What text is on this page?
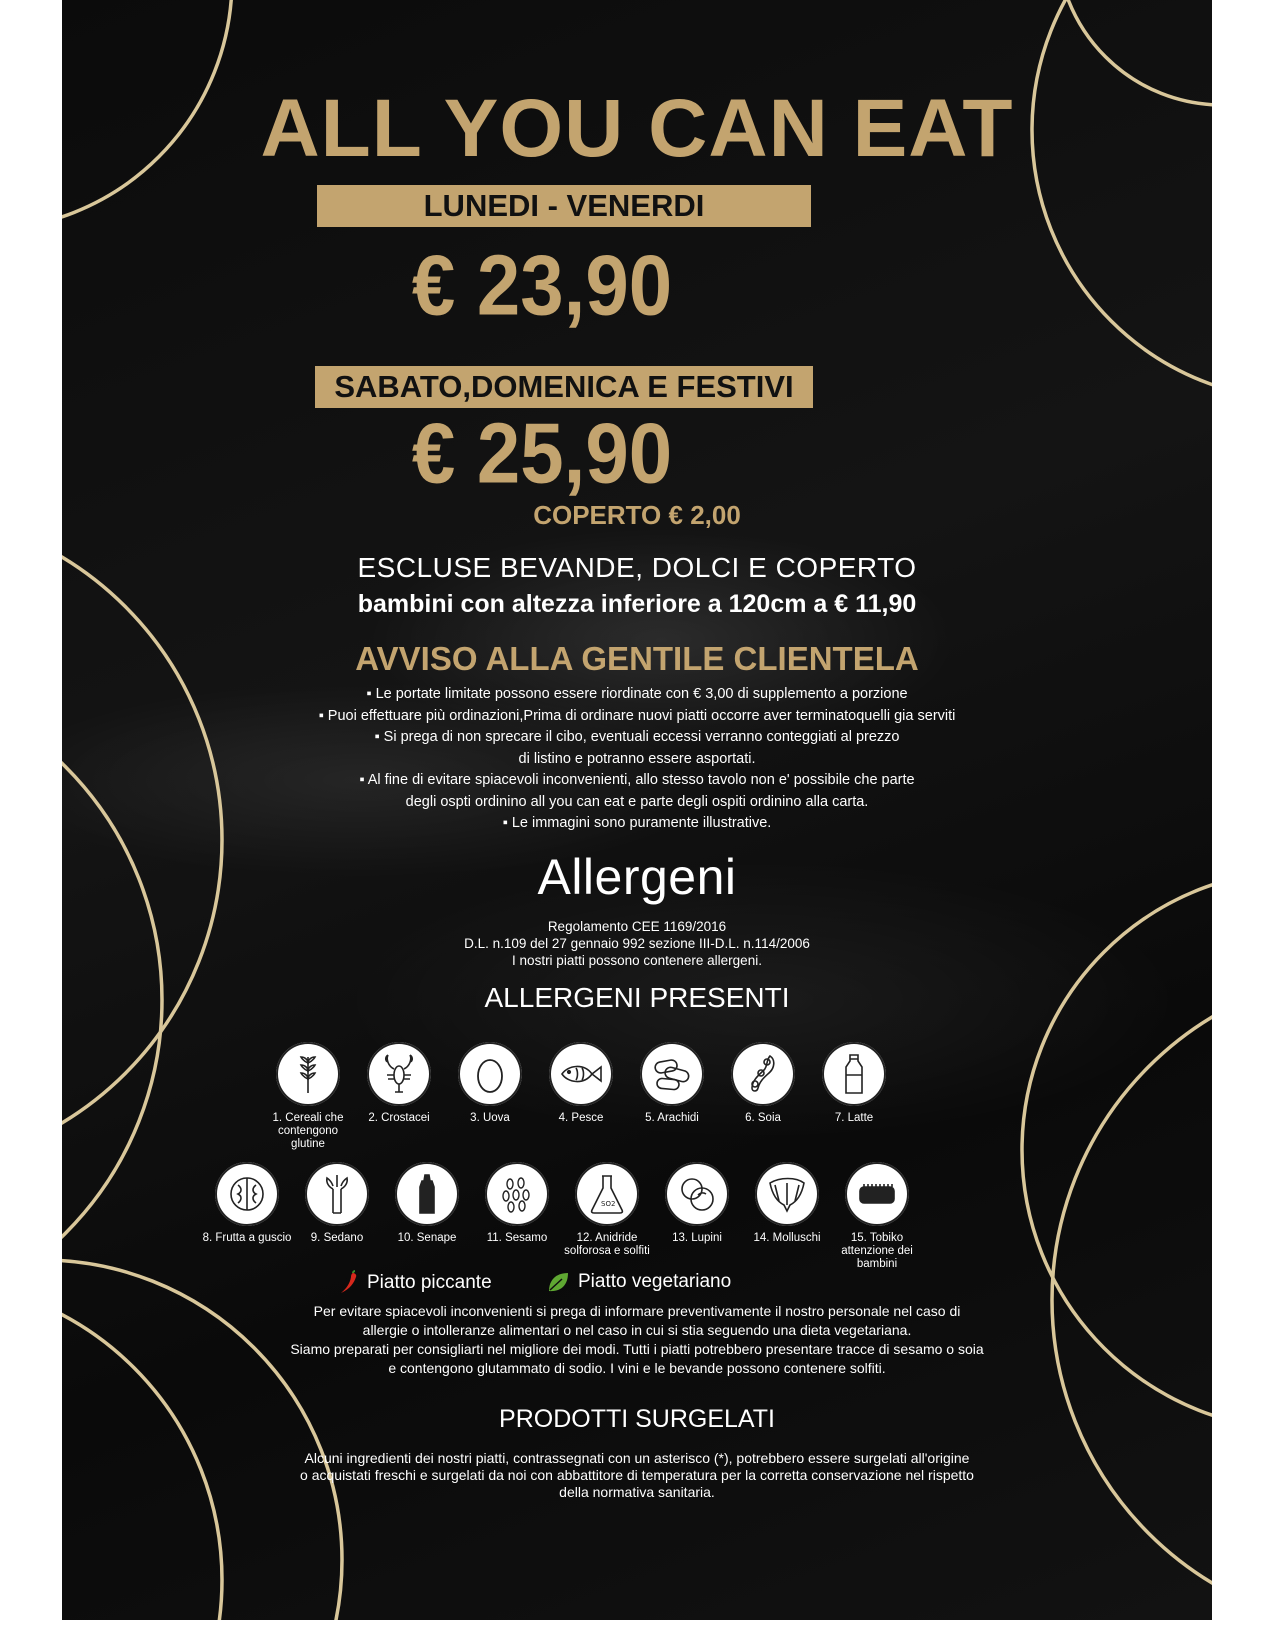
ALL YOU CAN EAT
LUNEDI - VENERDI
€ 23,90
SABATO,DOMENICA E FESTIVI
€ 25,90
COPERTO € 2,00
ESCLUSE BEVANDE, DOLCI E COPERTO
bambini con altezza inferiore a 120cm a € 11,90
AVVISO ALLA GENTILE CLIENTELA
▪ Le portate limitate possono essere riordinate con € 3,00 di supplemento a porzione
▪ Puoi effettuare più ordinazioni,Prima di ordinare nuovi piatti occorre aver terminatoquelli gia serviti
▪ Si prega di non sprecare il cibo, eventuali eccessi verranno conteggiati al prezzo
di listino e potranno essere asportati.
▪ Al fine di evitare spiacevoli inconvenienti, allo stesso tavolo non e' possibile che parte
degli ospti ordinino all you can eat e parte degli ospiti ordinino alla carta.
▪ Le immagini sono puramente illustrative.
Allergeni
Regolamento CEE 1169/2016
D.L. n.109 del 27 gennaio 992 sezione III-D.L. n.114/2006
I nostri piatti possono contenere allergeni.
ALLERGENI PRESENTI
1. Cereali che contengono glutine
2. Crostacei	3. Uova	4. Pesce	5. Arachidi	6. Soia	7. Latte
8. Frutta a guscio	9. Sedano	10. Senape	11. Sesamo
SO2
12. Anidride solforosa e solfiti
13. Lupini	14. Molluschi	15. Tobiko attenzione dei bambini
Piatto piccante	Piatto vegetariano
Per evitare spiacevoli inconvenienti si prega di informare preventivamente il nostro personale nel caso di
allergie o intolleranze alimentari o nel caso in cui si stia seguendo una dieta vegetariana.
Siamo preparati per consigliarti nel migliore dei modi. Tutti i piatti potrebbero presentare tracce di sesamo o soia
e contengono glutammato di sodio. I vini e le bevande possono contenere solfiti.
PRODOTTI SURGELATI
Alcuni ingredienti dei nostri piatti, contrassegnati con un asterisco (*), potrebbero essere surgelati all'origine
o acquistati freschi e surgelati da noi con abbattitore di temperatura per la corretta conservazione nel rispetto
della normativa sanitaria.
